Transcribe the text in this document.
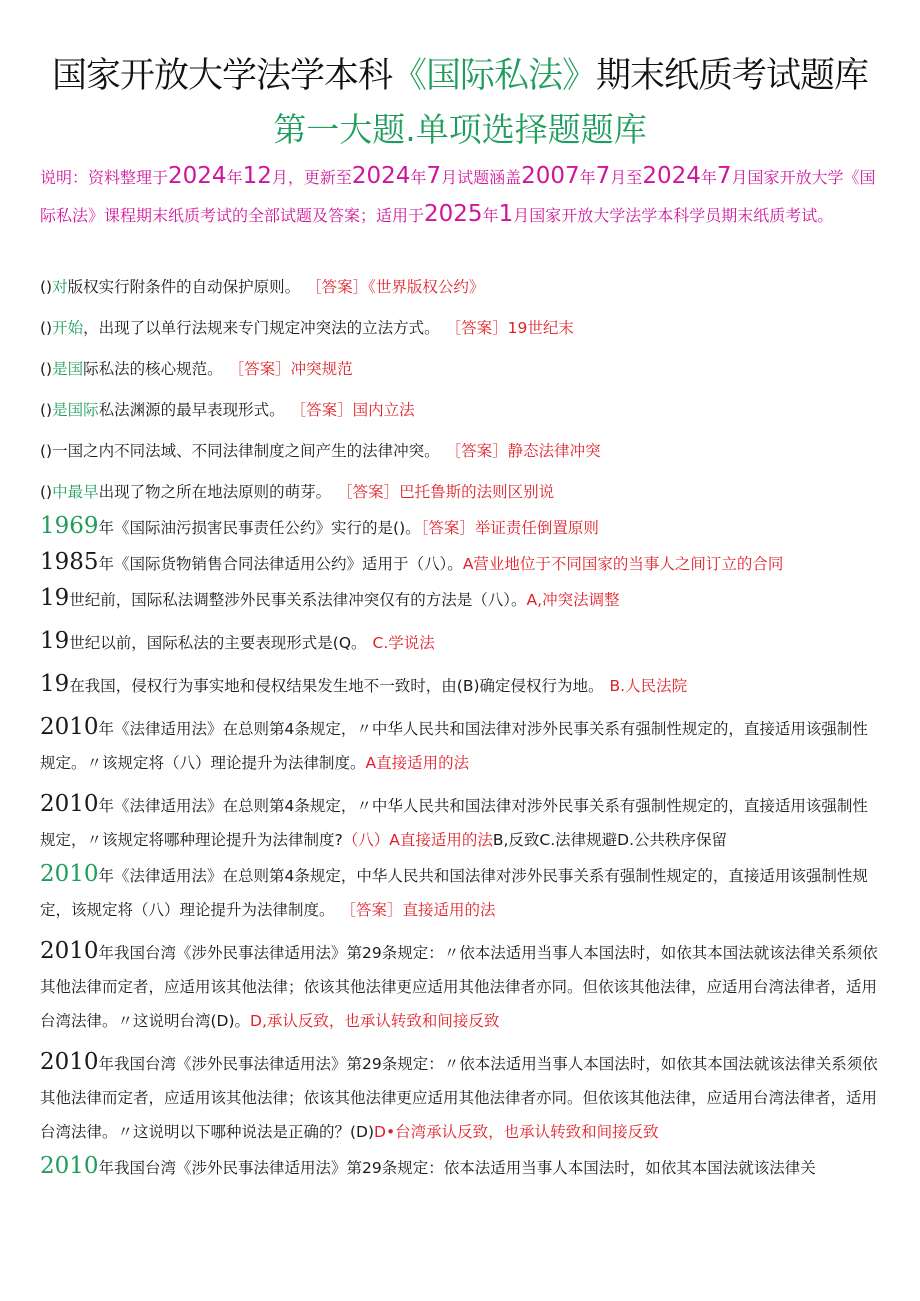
国家开放大学法学本科《国际私法》期末纸质考试题库
第一大题.单项选择题题库
说明：资料整理于2024年12月，更新至2024年7月试题涵盖2007年7月至2024年7月国家开放大学《国际私法》课程期末纸质考试的全部试题及答案；适用于2025年1月国家开放大学法学本科学员期末纸质考试。
()对版权实行附条件的自动保护原则。 ［答案］《世界版权公约》
()开始，出现了以单行法规来专门规定冲突法的立法方式。 ［答案］19世纪末
()是国际私法的核心规范。 ［答案］冲突规范
()是国际私法渊源的最早表现形式。 ［答案］国内立法
()一国之内不同法域、不同法律制度之间产生的法律冲突。 ［答案］静态法律冲突
()中最早出现了物之所在地法原则的萌芽。 ［答案］巴托鲁斯的法则区别说
1969年《国际油污损害民事责任公约》实行的是()。［答案］举证责任倒置原则
1985年《国际货物销售合同法律适用公约》适用于（八）。A营业地位于不同国家的当事人之间订立的合同
19世纪前，国际私法调整涉外民事关系法律冲突仅有的方法是（八）。A,冲突法调整
19世纪以前，国际私法的主要表现形式是(Q。 C.学说法
19在我国，侵权行为事实地和侵权结果发生地不一致时，由(B)确定侵权行为地。 B.人民法院
2010年《法律适用法》在总则第4条规定，〃中华人民共和国法律对涉外民事关系有强制性规定的，直接适用该强制性规定。〃该规定将（八）理论提升为法律制度。A直接适用的法
2010年《法律适用法》在总则第4条规定，〃中华人民共和国法律对涉外民事关系有强制性规定的，直接适用该强制性规定，〃该规定将哪种理论提升为法律制度?（八）A直接适用的法B,反致C.法律规避D.公共秩序保留
2010年《法律适用法》在总则第4条规定，中华人民共和国法律对涉外民事关系有强制性规定的，直接适用该强制性规定，该规定将（八）理论提升为法律制度。 ［答案］直接适用的法
2010年我国台湾《涉外民事法律适用法》第29条规定：〃依本法适用当事人本国法时，如依其本国法就该法律关系须依其他法律而定者，应适用该其他法律；依该其他法律更应适用其他法律者亦同。但依该其他法律，应适用台湾法律者，适用台湾法律。〃这说明台湾(D)。D,承认反致，也承认转致和间接反致
2010年我国台湾《涉外民事法律适用法》第29条规定：〃依本法适用当事人本国法时，如依其本国法就该法律关系须依其他法律而定者，应适用该其他法律；依该其他法律更应适用其他法律者亦同。但依该其他法律，应适用台湾法律者，适用台湾法律。〃这说明以下哪种说法是正确的？(D)D•台湾承认反致，也承认转致和间接反致
2010年我国台湾《涉外民事法律适用法》第29条规定：依本法适用当事人本国法时，如依其本国法就该法律关
